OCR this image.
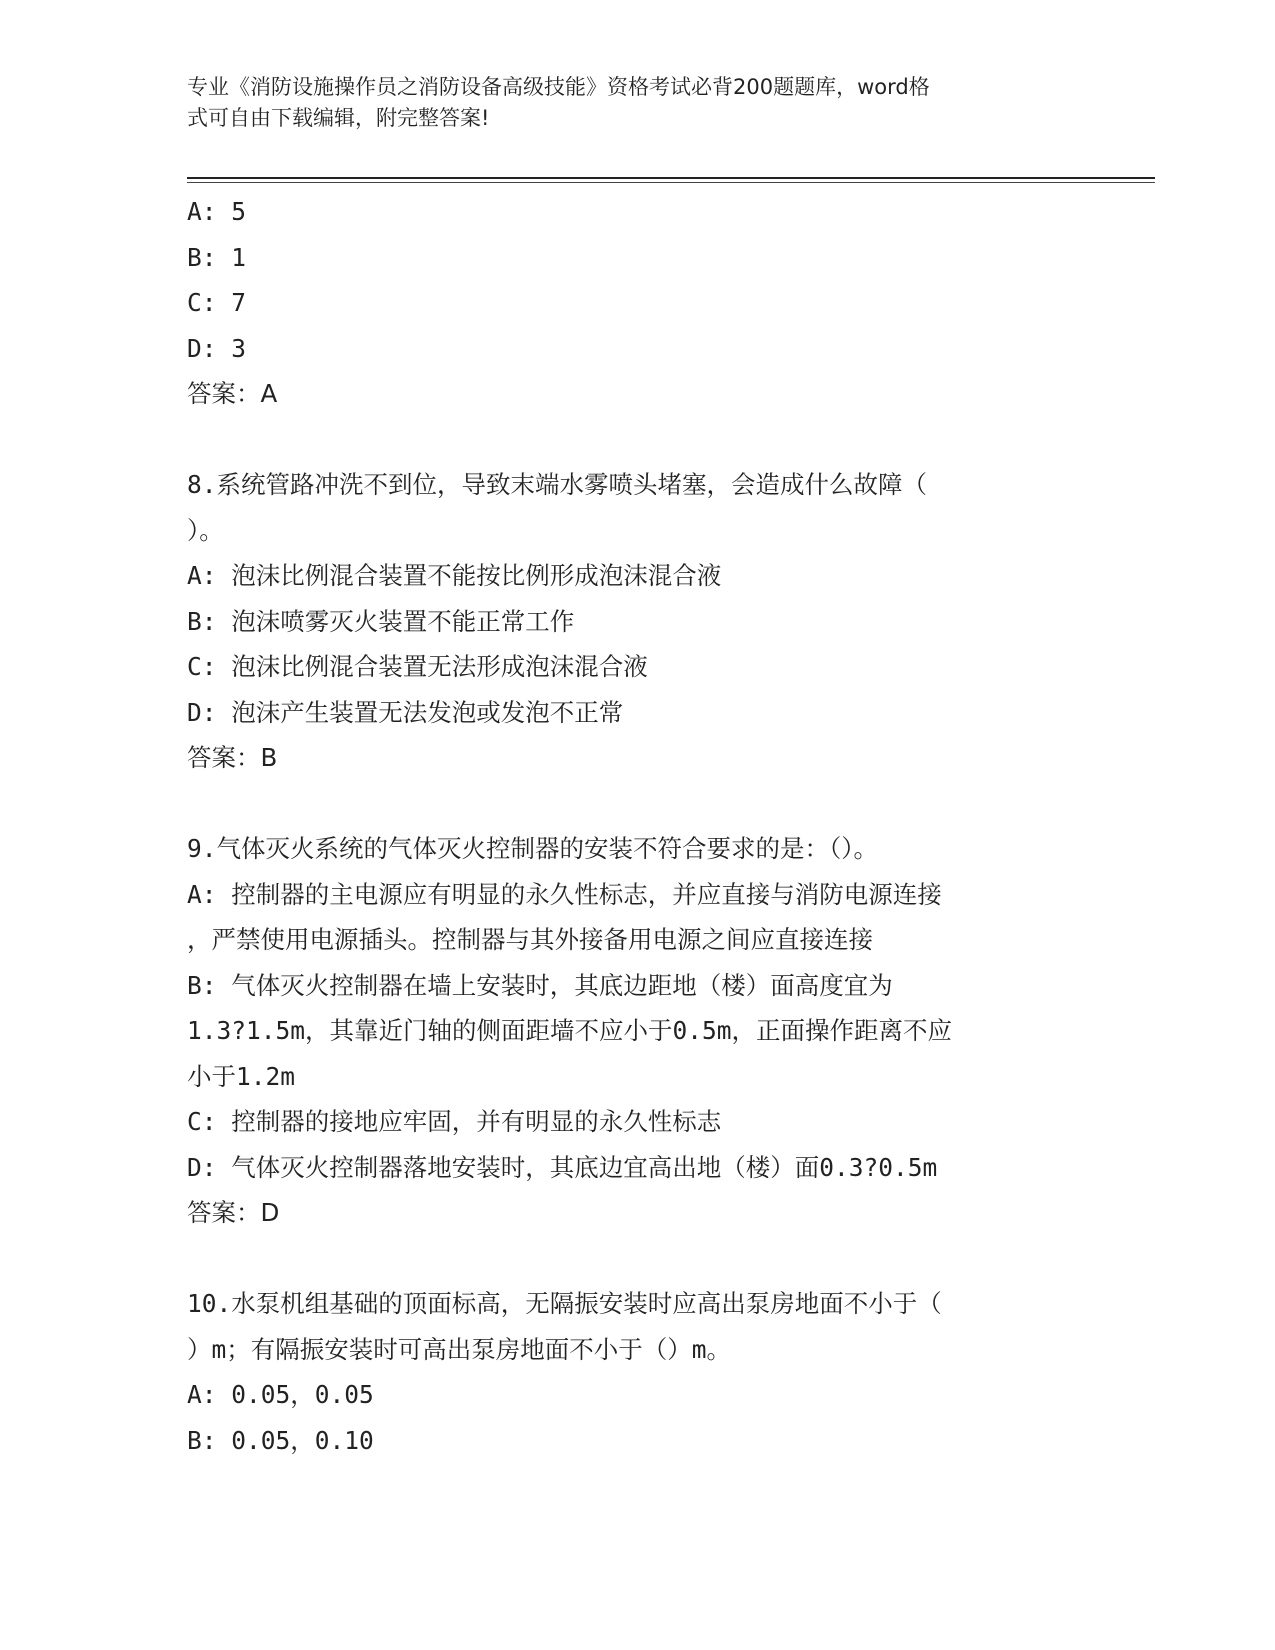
专业《消防设施操作员之消防设备高级技能》资格考试必背200题题库，word格
式可自由下载编辑，附完整答案!
A: 5
B: 1
C: 7
D: 3
答案：A
8.系统管路冲洗不到位，导致末端水雾喷头堵塞，会造成什么故障（
）。
A: 泡沫比例混合装置不能按比例形成泡沫混合液
B: 泡沫喷雾灭火装置不能正常工作
C: 泡沫比例混合装置无法形成泡沫混合液
D: 泡沫产生装置无法发泡或发泡不正常
答案：B
9.气体灭火系统的气体灭火控制器的安装不符合要求的是：（）。
A: 控制器的主电源应有明显的永久性标志，并应直接与消防电源连接
，严禁使用电源插头。控制器与其外接备用电源之间应直接连接
B: 气体灭火控制器在墙上安装时，其底边距地（楼）面高度宜为
1.3?1.5m，其靠近门轴的侧面距墙不应小于0.5m，正面操作距离不应
小于1.2m
C: 控制器的接地应牢固，并有明显的永久性标志
D: 气体灭火控制器落地安装时，其底边宜高出地（楼）面0.3?0.5m
答案：D
10.水泵机组基础的顶面标高，无隔振安装时应高出泵房地面不小于（
）m；有隔振安装时可高出泵房地面不小于（）m。
A: 0.05，0.05
B: 0.05，0.10
